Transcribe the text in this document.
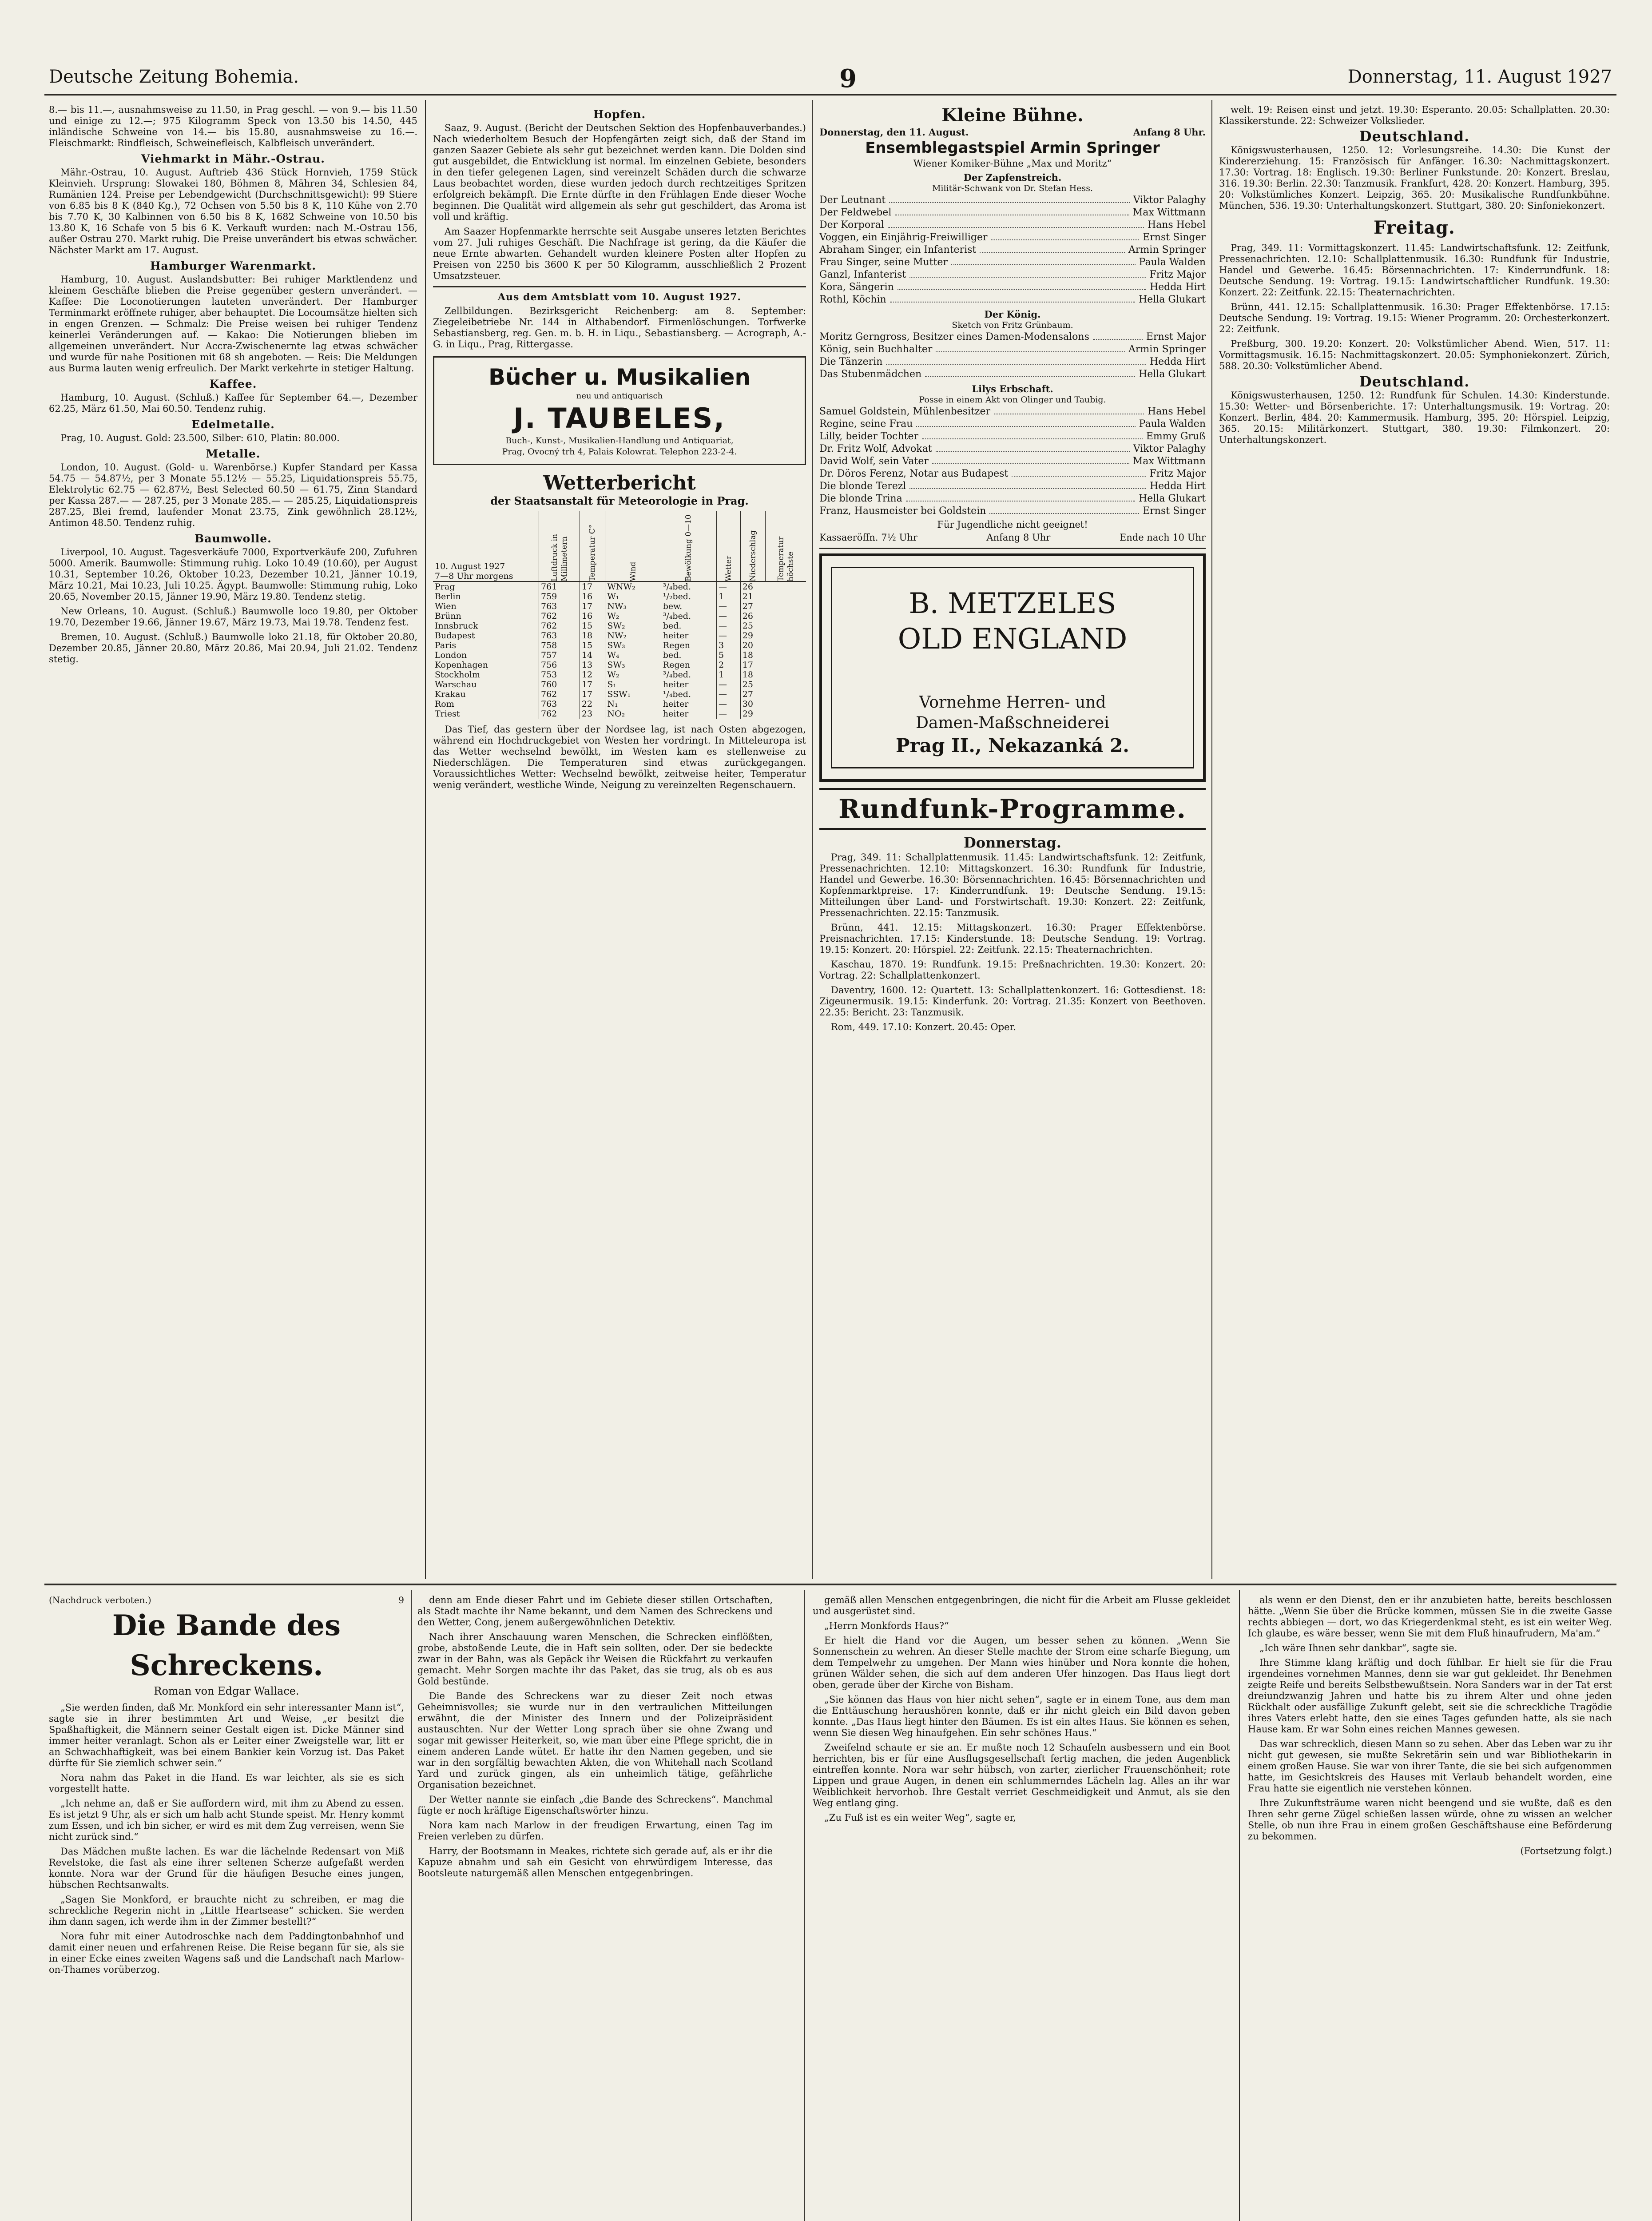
Deutsche Zeitung Bohemia.	9	Donnerstag, 11. August 1927

8.— bis 11.—, ausnahmsweise zu 11.50, in Prag geschl. — von 9.— bis 11.50 und einige zu 12.—; 975 Kilogramm Speck von 13.50 bis 14.50, 445 inländische Schweine von 14.— bis 15.80, ausnahmsweise zu 16.—. Fleischmarkt: Rindfleisch, Schweinefleisch, Kalbfleisch unverändert.

Viehmarkt in Mähr.-Ostrau.

Mähr.-Ostrau, 10. August. Auftrieb 436 Stück Hornvieh, 1759 Stück Kleinvieh. Ursprung: Slowakei 180, Böhmen 8, Mähren 34, Schlesien 84, Rumänien 124. Preise per Lebendgewicht (Durchschnittsgewicht): 99 Stiere von 6.85 bis 8 K (840 Kg.), 72 Ochsen von 5.50 bis 8 K, 110 Kühe von 2.70 bis 7.70 K, 30 Kalbinnen von 6.50 bis 8 K, 1682 Schweine von 10.50 bis 13.80 K, 16 Schafe von 5 bis 6 K. Verkauft wurden: nach M.-Ostrau 156, außer Ostrau 270. Markt ruhig. Die Preise unverändert bis etwas schwächer. Nächster Markt am 17. August.

Hamburger Warenmarkt.

Hamburg, 10. August. Auslandsbutter: Bei ruhiger Marktlendenz und kleinem Geschäfte blieben die Preise gegenüber gestern unverändert. — Kaffee: Die Loconotierungen lauteten unverändert. Der Hamburger Terminmarkt eröffnete ruhiger, aber behauptet. Die Locoumsätze hielten sich in engen Grenzen. — Schmalz: Die Preise weisen bei ruhiger Tendenz keinerlei Veränderungen auf. — Kakao: Die Notierungen blieben im allgemeinen unverändert. Nur Accra-Zwischenernte lag etwas schwächer und wurde für nahe Positionen mit 68 sh angeboten. — Reis: Die Meldungen aus Burma lauten wenig erfreulich. Der Markt verkehrte in stetiger Haltung.

Kaffee.

Hamburg, 10. August. (Schluß.) Kaffee für September 64.—, Dezember 62.25, März 61.50, Mai 60.50. Tendenz ruhig.

Edelmetalle.

Prag, 10. August. Gold: 23.500, Silber: 610, Platin: 80.000.

Metalle.

London, 10. August. (Gold- u. Warenbörse.) Kupfer Standard per Kassa 54.75 — 54.87½, per 3 Monate 55.12½ — 55.25, Liquidationspreis 55.75, Elektrolytic 62.75 — 62.87½, Best Selected 60.50 — 61.75, Zinn Standard per Kassa 287.— — 287.25, per 3 Monate 285.— — 285.25, Liquidationspreis 287.25, Blei fremd, laufender Monat 23.75, Zink gewöhnlich 28.12½, Antimon 48.50. Tendenz ruhig.

Baumwolle.

Liverpool, 10. August. Tagesverkäufe 7000, Exportverkäufe 200, Zufuhren 5000. Amerik. Baumwolle: Stimmung ruhig. Loko 10.49 (10.60), per August 10.31, September 10.26, Oktober 10.23, Dezember 10.21, Jänner 10.19, März 10.21, Mai 10.23, Juli 10.25. Ägypt. Baumwolle: Stimmung ruhig, Loko 20.65, November 20.15, Jänner 19.90, März 19.80. Tendenz stetig.

New Orleans, 10. August. (Schluß.) Baumwolle loco 19.80, per Oktober 19.70, Dezember 19.66, Jänner 19.67, März 19.73, Mai 19.78. Tendenz fest.

Bremen, 10. August. (Schluß.) Baumwolle loko 21.18, für Oktober 20.80, Dezember 20.85, Jänner 20.80, März 20.86, Mai 20.94, Juli 21.02. Tendenz stetig.

Hopfen.

Saaz, 9. August. (Bericht der Deutschen Sektion des Hopfenbauverbandes.) Nach wiederholtem Besuch der Hopfengärten zeigt sich, daß der Stand im ganzen Saazer Gebiete als sehr gut bezeichnet werden kann. Die Dolden sind gut ausgebildet, die Entwicklung ist normal. Im einzelnen Gebiete, besonders in den tiefer gelegenen Lagen, sind vereinzelt Schäden durch die schwarze Laus beobachtet worden, diese wurden jedoch durch rechtzeitiges Spritzen erfolgreich bekämpft. Die Ernte dürfte in den Frühlagen Ende dieser Woche beginnen. Die Qualität wird allgemein als sehr gut geschildert, das Aroma ist voll und kräftig.

Am Saazer Hopfenmarkte herrschte seit Ausgabe unseres letzten Berichtes vom 27. Juli ruhiges Geschäft. Die Nachfrage ist gering, da die Käufer die neue Ernte abwarten. Gehandelt wurden kleinere Posten alter Hopfen zu Preisen von 2250 bis 3600 K per 50 Kilogramm, ausschließlich 2 Prozent Umsatzsteuer.

Aus dem Amtsblatt vom 10. August 1927.

Zellbildungen. Bezirksgericht Reichenberg: am 8. September: Ziegeleibetriebe Nr. 144 in Althabendorf. Firmenlöschungen. Torfwerke Sebastiansberg, reg. Gen. m. b. H. in Liqu., Sebastiansberg. — Acrograph, A.-G. in Liqu., Prag, Rittergasse.

Bücher u. Musikalien
neu und antiquarisch
J. TAUBELES,
Buch-, Kunst-, Musikalien-Handlung und Antiquariat,
Prag, Ovocný trh 4, Palais Kolowrat. Telephon 223-2-4.
Wetterbericht
der Staatsanstalt für Meteorologie in Prag.
10. August 1927
7—8 Uhr morgens	Luftdruck in Millimetern	Temperatur C°	Wind	Bewölkung 0—10	Wetter	Niederschlag	Temperatur höchste
Prag	761	17	WNW₂	³/₄bed.	—	26	
Berlin	759	16	W₁	¹/₂bed.	1	21	
Wien	763	17	NW₃	bew.	—	27	
Brünn	762	16	W₂	³/₄bed.	—	26	
Innsbruck	762	15	SW₂	bed.	—	25	
Budapest	763	18	NW₂	heiter	—	29	
Paris	758	15	SW₃	Regen	3	20	
London	757	14	W₄	bed.	5	18	
Kopenhagen	756	13	SW₃	Regen	2	17	
Stockholm	753	12	W₂	³/₄bed.	1	18	
Warschau	760	17	S₁	heiter	—	25	
Krakau	762	17	SSW₁	¹/₄bed.	—	27	
Rom	763	22	N₁	heiter	—	30	
Triest	762	23	NO₂	heiter	—	29	

Das Tief, das gestern über der Nordsee lag, ist nach Osten abgezogen, während ein Hochdruckgebiet von Westen her vordringt. In Mitteleuropa ist das Wetter wechselnd bewölkt, im Westen kam es stellenweise zu Niederschlägen. Die Temperaturen sind etwas zurückgegangen. Voraussichtliches Wetter: Wechselnd bewölkt, zeitweise heiter, Temperatur wenig verändert, westliche Winde, Neigung zu vereinzelten Regenschauern.

Kleine Bühne.
Donnerstag, den 11. August.	Anfang 8 Uhr.
Ensemblegastspiel Armin Springer
Wiener Komiker-Bühne „Max und Moritz“
Der Zapfenstreich.
Militär-Schwank von Dr. Stefan Hess.
Der Leutnant	Viktor Palaghy
Der Feldwebel	Max Wittmann
Der Korporal	Hans Hebel
Voggen, ein Einjährig-Freiwilliger	Ernst Singer
Abraham Singer, ein Infanterist	Armin Springer
Frau Singer, seine Mutter	Paula Walden
Ganzl, Infanterist	Fritz Major
Kora, Sängerin	Hedda Hirt
Rothl, Köchin	Hella Glukart
Der König.
Sketch von Fritz Grünbaum.
Moritz Gerngross, Besitzer eines Damen-Modensalons	Ernst Major
König, sein Buchhalter	Armin Springer
Die Tänzerin	Hedda Hirt
Das Stubenmädchen	Hella Glukart
Lilys Erbschaft.
Posse in einem Akt von Olinger und Taubig.
Samuel Goldstein, Mühlenbesitzer	Hans Hebel
Regine, seine Frau	Paula Walden
Lilly, beider Tochter	Emmy Gruß
Dr. Fritz Wolf, Advokat	Viktor Palaghy
David Wolf, sein Vater	Max Wittmann
Dr. Döros Ferenz, Notar aus Budapest	Fritz Major
Die blonde Terezl	Hedda Hirt
Die blonde Trina	Hella Glukart
Franz, Hausmeister bei Goldstein	Ernst Singer
Für Jugendliche nicht geeignet!
Kassaeröffn. 7½ Uhr	Anfang 8 Uhr	Ende nach 10 Uhr
B. METZELES
OLD ENGLAND
Vornehme Herren- und
Damen-Maßschneiderei
Prag II., Nekazanká 2.
Rundfunk-Programme.
Donnerstag.

Prag, 349. 11: Schallplattenmusik. 11.45: Landwirtschaftsfunk. 12: Zeitfunk, Pressenachrichten. 12.10: Mittagskonzert. 16.30: Rundfunk für Industrie, Handel und Gewerbe. 16.30: Börsennachrichten. 16.45: Börsennachrichten und Kopfenmarktpreise. 17: Kinderrundfunk. 19: Deutsche Sendung. 19.15: Mitteilungen über Land- und Forstwirtschaft. 19.30: Konzert. 22: Zeitfunk, Pressenachrichten. 22.15: Tanzmusik.

Brünn, 441. 12.15: Mittagskonzert. 16.30: Prager Effektenbörse. Preisnachrichten. 17.15: Kinderstunde. 18: Deutsche Sendung. 19: Vortrag. 19.15: Konzert. 20: Hörspiel. 22: Zeitfunk. 22.15: Theaternachrichten.

Kaschau, 1870. 19: Rundfunk. 19.15: Preßnachrichten. 19.30: Konzert. 20: Vortrag. 22: Schallplattenkonzert.

Daventry, 1600. 12: Quartett. 13: Schallplattenkonzert. 16: Gottesdienst. 18: Zigeunermusik. 19.15: Kinderfunk. 20: Vortrag. 21.35: Konzert von Beethoven. 22.35: Bericht. 23: Tanzmusik.

Rom, 449. 17.10: Konzert. 20.45: Oper.

welt. 19: Reisen einst und jetzt. 19.30: Esperanto. 20.05: Schallplatten. 20.30: Klassikerstunde. 22: Schweizer Volkslieder.

Deutschland.

Königswusterhausen, 1250. 12: Vorlesungsreihe. 14.30: Die Kunst der Kindererziehung. 15: Französisch für Anfänger. 16.30: Nachmittagskonzert. 17.30: Vortrag. 18: Englisch. 19.30: Berliner Funkstunde. 20: Konzert. Breslau, 316. 19.30: Berlin. 22.30: Tanzmusik. Frankfurt, 428. 20: Konzert. Hamburg, 395. 20: Volkstümliches Konzert. Leipzig, 365. 20: Musikalische Rundfunkbühne. München, 536. 19.30: Unterhaltungskonzert. Stuttgart, 380. 20: Sinfoniekonzert.

Freitag.

Prag, 349. 11: Vormittagskonzert. 11.45: Landwirtschaftsfunk. 12: Zeitfunk, Pressenachrichten. 12.10: Schallplattenmusik. 16.30: Rundfunk für Industrie, Handel und Gewerbe. 16.45: Börsennachrichten. 17: Kinderrundfunk. 18: Deutsche Sendung. 19: Vortrag. 19.15: Landwirtschaftlicher Rundfunk. 19.30: Konzert. 22: Zeitfunk. 22.15: Theaternachrichten.

Brünn, 441. 12.15: Schallplattenmusik. 16.30: Prager Effektenbörse. 17.15: Deutsche Sendung. 19: Vortrag. 19.15: Wiener Programm. 20: Orchesterkonzert. 22: Zeitfunk.

Preßburg, 300. 19.20: Konzert. 20: Volkstümlicher Abend. Wien, 517. 11: Vormittagsmusik. 16.15: Nachmittagskonzert. 20.05: Symphoniekonzert. Zürich, 588. 20.30: Volkstümlicher Abend.

Deutschland.

Königswusterhausen, 1250. 12: Rundfunk für Schulen. 14.30: Kinderstunde. 15.30: Wetter- und Börsenberichte. 17: Unterhaltungsmusik. 19: Vortrag. 20: Konzert. Berlin, 484. 20: Kammermusik. Hamburg, 395. 20: Hörspiel. Leipzig, 365. 20.15: Militärkonzert. Stuttgart, 380. 19.30: Filmkonzert. 20: Unterhaltungskonzert.

(Nachdruck verboten.)	9
Die Bande des Schreckens.
Roman von Edgar Wallace.

„Sie werden finden, daß Mr. Monkford ein sehr interessanter Mann ist“, sagte sie in ihrer bestimmten Art und Weise, „er besitzt die Spaßhaftigkeit, die Männern seiner Gestalt eigen ist. Dicke Männer sind immer heiter veranlagt. Schon als er Leiter einer Zweigstelle war, litt er an Schwachhaftigkeit, was bei einem Bankier kein Vorzug ist. Das Paket dürfte für Sie ziemlich schwer sein.“

Nora nahm das Paket in die Hand. Es war leichter, als sie es sich vorgestellt hatte.

„Ich nehme an, daß er Sie auffordern wird, mit ihm zu Abend zu essen. Es ist jetzt 9 Uhr, als er sich um halb acht Stunde speist. Mr. Henry kommt zum Essen, und ich bin sicher, er wird es mit dem Zug verreisen, wenn Sie nicht zurück sind.“

Das Mädchen mußte lachen. Es war die lächelnde Redensart von Miß Revelstoke, die fast als eine ihrer seltenen Scherze aufgefaßt werden konnte. Nora war der Grund für die häufigen Besuche eines jungen, hübschen Rechtsanwalts.

„Sagen Sie Monkford, er brauchte nicht zu schreiben, er mag die schreckliche Regerin nicht in „Little Heartsease“ schicken. Sie werden ihm dann sagen, ich werde ihm in der Zimmer bestellt?“

Nora fuhr mit einer Autodroschke nach dem Paddingtonbahnhof und damit einer neuen und erfahrenen Reise. Die Reise begann für sie, als sie in einer Ecke eines zweiten Wagens saß und die Landschaft nach Marlow-on-Thames vorüberzog.

denn am Ende dieser Fahrt und im Gebiete dieser stillen Ortschaften, als Stadt machte ihr Name bekannt, und dem Namen des Schreckens und den Wetter, Cong, jenem außergewöhnlichen Detektiv.

Nach ihrer Anschauung waren Menschen, die Schrecken einflößten, grobe, abstoßende Leute, die in Haft sein sollten, oder. Der sie bedeckte zwar in der Bahn, was als Gepäck ihr Weisen die Rückfahrt zu verkaufen gemacht. Mehr Sorgen machte ihr das Paket, das sie trug, als ob es aus Gold bestünde.

Die Bande des Schreckens war zu dieser Zeit noch etwas Geheimnisvolles; sie wurde nur in den vertraulichen Mitteilungen erwähnt, die der Minister des Innern und der Polizeipräsident austauschten. Nur der Wetter Long sprach über sie ohne Zwang und sogar mit gewisser Heiterkeit, so, wie man über eine Pflege spricht, die in einem anderen Lande wütet. Er hatte ihr den Namen gegeben, und sie war in den sorgfältig bewachten Akten, die von Whitehall nach Scotland Yard und zurück gingen, als ein unheimlich tätige, gefährliche Organisation bezeichnet.

Der Wetter nannte sie einfach „die Bande des Schreckens“. Manchmal fügte er noch kräftige Eigenschaftswörter hinzu.

Nora kam nach Marlow in der freudigen Erwartung, einen Tag im Freien verleben zu dürfen.

Harry, der Bootsmann in Meakes, richtete sich gerade auf, als er ihr die Kapuze abnahm und sah ein Gesicht von ehrwürdigem Interesse, das Bootsleute naturgemäß allen Menschen entgegenbringen.

gemäß allen Menschen entgegenbringen, die nicht für die Arbeit am Flusse gekleidet und ausgerüstet sind.

„Herrn Monkfords Haus?“

Er hielt die Hand vor die Augen, um besser sehen zu können. „Wenn Sie Sonnenschein zu wehren. An dieser Stelle machte der Strom eine scharfe Biegung, um dem Tempelwehr zu umgehen. Der Mann wies hinüber und Nora konnte die hohen, grünen Wälder sehen, die sich auf dem anderen Ufer hinzogen. Das Haus liegt dort oben, gerade über der Kirche von Bisham.

„Sie können das Haus von hier nicht sehen“, sagte er in einem Tone, aus dem man die Enttäuschung heraushören konnte, daß er ihr nicht gleich ein Bild davon geben konnte. „Das Haus liegt hinter den Bäumen. Es ist ein altes Haus. Sie können es sehen, wenn Sie diesen Weg hinaufgehen. Ein sehr schönes Haus.“

Zweifelnd schaute er sie an. Er mußte noch 12 Schaufeln ausbessern und ein Boot herrichten, bis er für eine Ausflugsgesellschaft fertig machen, die jeden Augenblick eintreffen konnte. Nora war sehr hübsch, von zarter, zierlicher Frauenschönheit; rote Lippen und graue Augen, in denen ein schlummerndes Lächeln lag. Alles an ihr war Weiblichkeit hervorhob. Ihre Gestalt verriet Geschmeidigkeit und Anmut, als sie den Weg entlang ging.

„Zu Fuß ist es ein weiter Weg“, sagte er,

als wenn er den Dienst, den er ihr anzubieten hatte, bereits beschlossen hätte. „Wenn Sie über die Brücke kommen, müssen Sie in die zweite Gasse rechts abbiegen — dort, wo das Kriegerdenkmal steht, es ist ein weiter Weg. Ich glaube, es wäre besser, wenn Sie mit dem Fluß hinaufrudern, Ma'am.“

„Ich wäre Ihnen sehr dankbar“, sagte sie.

Ihre Stimme klang kräftig und doch fühlbar. Er hielt sie für die Frau irgendeines vornehmen Mannes, denn sie war gut gekleidet. Ihr Benehmen zeigte Reife und bereits Selbstbewußtsein. Nora Sanders war in der Tat erst dreiundzwanzig Jahren und hatte bis zu ihrem Alter und ohne jeden Rückhalt oder ausfällige Zukunft gelebt, seit sie die schreckliche Tragödie ihres Vaters erlebt hatte, den sie eines Tages gefunden hatte, als sie nach Hause kam. Er war Sohn eines reichen Mannes gewesen.

Das war schrecklich, diesen Mann so zu sehen. Aber das Leben war zu ihr nicht gut gewesen, sie mußte Sekretärin sein und war Bibliothekarin in einem großen Hause. Sie war von ihrer Tante, die sie bei sich aufgenommen hatte, im Gesichtskreis des Hauses mit Verlaub behandelt worden, eine Frau hatte sie eigentlich nie verstehen können.

Ihre Zukunftsträume waren nicht beengend und sie wußte, daß es den Ihren sehr gerne Zügel schießen lassen würde, ohne zu wissen an welcher Stelle, ob nun ihre Frau in einem großen Geschäftshause eine Beförderung zu bekommen.

(Fortsetzung folgt.)
